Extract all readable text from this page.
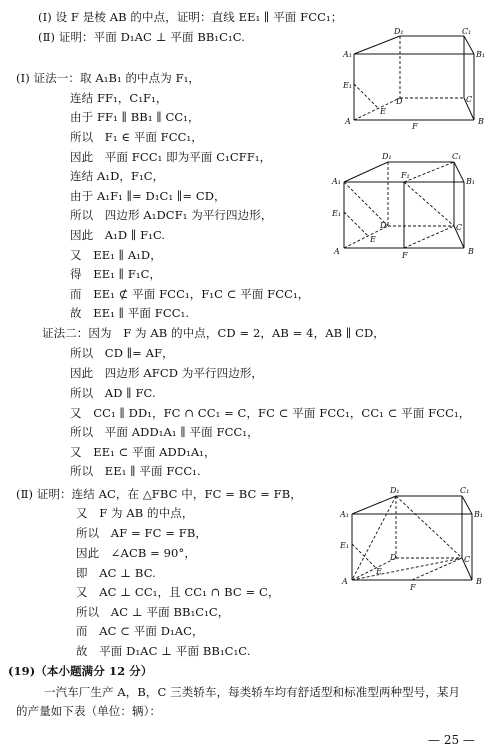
(Ⅰ) 设 F 是棱 AB 的中点，证明：直线 EE₁ ∥ 平面 FCC₁；
(Ⅱ) 证明：平面 D₁AC ⊥ 平面 BB₁C₁C.
(Ⅰ) 证法一：取 A₁B₁ 的中点为 F₁，
连结 FF₁，C₁F₁，
由于 FF₁ ∥ BB₁ ∥ CC₁，
所以　F₁ ∈ 平面 FCC₁，
因此　平面 FCC₁ 即为平面 C₁CFF₁，
连结 A₁D，F₁C，
由于 A₁F₁ ∥= D₁C₁ ∥= CD，
所以　四边形 A₁DCF₁ 为平行四边形，
因此　A₁D ∥ F₁C.
又　EE₁ ∥ A₁D，
得　EE₁ ∥ F₁C，
而　EE₁ ⊄ 平面 FCC₁，F₁C ⊂ 平面 FCC₁，
故　EE₁ ∥ 平面 FCC₁.
证法二：因为　F 为 AB 的中点，CD = 2，AB = 4，AB ∥ CD，
所以　CD ∥= AF，
因此　四边形 AFCD 为平行四边形，
所以　AD ∥ FC.
又　CC₁ ∥ DD₁，FC ∩ CC₁ = C，FC ⊂ 平面 FCC₁，CC₁ ⊂ 平面 FCC₁，
所以　平面 ADD₁A₁ ∥ 平面 FCC₁，
又　EE₁ ⊂ 平面 ADD₁A₁，
所以　EE₁ ∥ 平面 FCC₁.
(Ⅱ) 证明：连结 AC，在 △FBC 中，FC = BC = FB，
又　F 为 AB 的中点，
所以　AF = FC = FB，
因此　∠ACB = 90°，
即　AC ⊥ BC.
又　AC ⊥ CC₁，且 CC₁ ∩ BC = C，
所以　AC ⊥ 平面 BB₁C₁C，
而　AC ⊂ 平面 D₁AC，
故　平面 D₁AC ⊥ 平面 BB₁C₁C.
(19)（本小题满分 12 分）
一汽车厂生产 A，B，C 三类轿车，每类轿车均有舒适型和标准型两种型号，某月
的产量如下表（单位：辆）：
— 25 —
A₁	B₁
C₁
D₁
E₁
A	B
C
D
E
F
A₁	B₁
C₁
D₁
F₁
E₁
A	B
C
D
E
F
A₁	B₁
C₁
D₁
E₁
A	B
C
D
E
F
